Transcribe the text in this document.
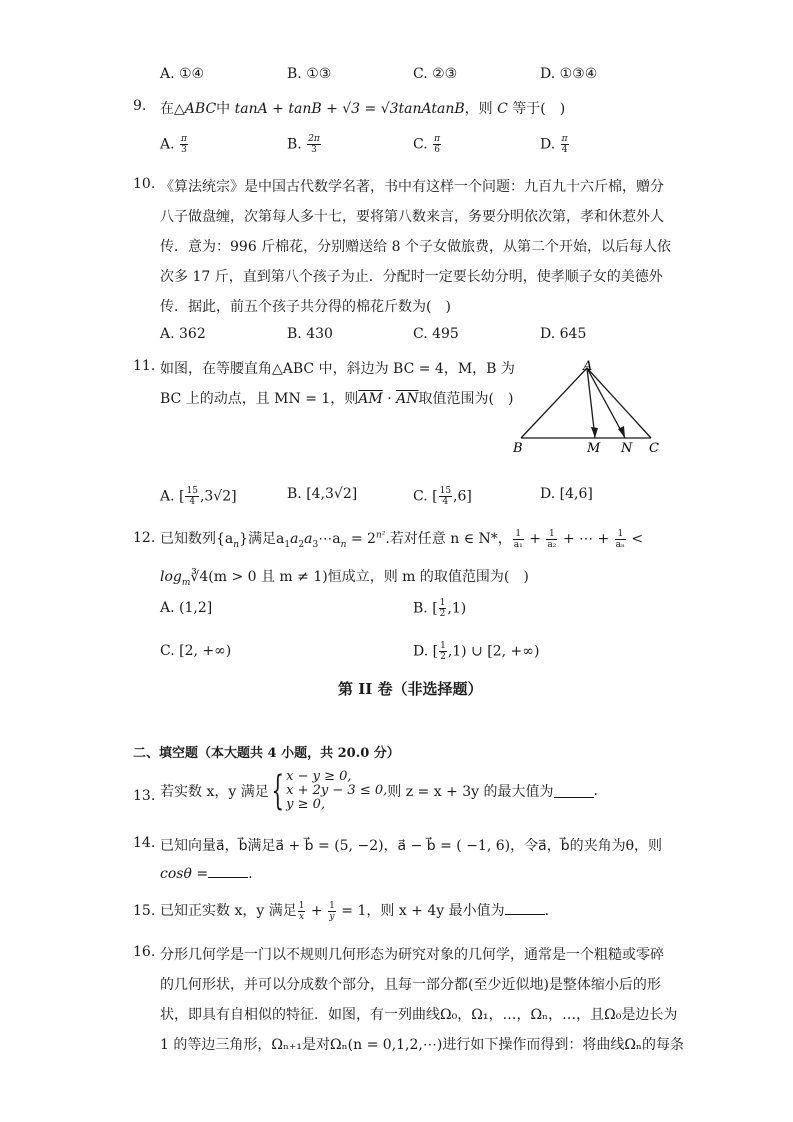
A. ①④	B. ①③	C. ②③	D. ①③④
9. 在△ABC中 tanA + tanB + √3 = √3tanAtanB，则 C 等于(　)
A. $\frac{\pi}{3}$	B. $\frac{2\pi}{3}$	C. $\frac{\pi}{6}$	D. $\frac{\pi}{4}$
10. 《算法统宗》是中国古代数学名著，书中有这样一个问题：九百九十六斤棉，赠分
八子做盘缠，次第每人多十七，要将第八数来言，务要分明依次第，孝和休惹外人
传．意为：996 斤棉花，分别赠送给 8 个子女做旅费，从第二个开始，以后每人依
次多 17 斤，直到第八个孩子为止．分配时一定要长幼分明，使孝顺子女的美德外
传．据此，前五个孩子共分得的棉花斤数为(　)
A. 362	B. 430	C. 495	D. 645
11. 如图，在等腰直角△ABC 中，斜边为 BC = 4，M，B 为
BC 上的动点，且 MN = 1，则$\overline{AM} \cdot \overline{AN}$取值范围为(　)
A
B	M N C
A. [ $\frac{15}{4} ,3√2$]	B. [4,3√2]	C. [ $\frac{15}{4} ,6$]	D. [4,6]
12. 已知数列$\{a_n\}$满足$a_1a_2a_3\cdots a_n = 2^{n^2}$.若对任意 n ∈ N*， $\frac{1}{\text{a₁}} + \frac{1}{\text{a₂}}$ + ⋯ + $\frac{1}{\text{aₙ}}$ <
$\log_m∛4(m > 0$ 且 m ≠ 1)恒成立，则 m 的取值范围为(　)
A. (1,2]	B. [ $\frac{1}{2} ,1$)
C. [2, +∞)	D. [ $\frac{1}{2} ,1$) ∪ [2, +∞)
第 II 卷（非选择题）
二、填空题（本大题共 4 小题，共 20.0 分）
13. 若实数 x，y 满足{ x − y ≥ 0,
x + 2y − 3 ≤ 0,
y ≥ 0,
则 z = x + 3y 的最大值为	.
14. 已知向量a⃗，b⃗满足a⃗ + b⃗ = (5, −2)，a⃗ − b⃗ = ( −1, 6)，令a⃗，b⃗的夹角为θ，则
cosθ =	.
15. 已知正实数 x，y 满足 $\frac{1}{x} + \frac{1}{y} = 1$，则 x + 4y 最小值为	.
16. 分形几何学是一门以不规则几何形态为研究对象的几何学，通常是一个粗糙或零碎
的几何形状，并可以分成数个部分，且每一部分都(至少近似地)是整体缩小后的形
状，即具有自相似的特征．如图，有一列曲线Ω₀，Ω₁，…，Ωₙ，…，且Ω₀是边长为
1 的等边三角形，Ωₙ₊₁是对Ωₙ(n = 0,1,2,⋯)进行如下操作而得到：将曲线Ωₙ的每条
